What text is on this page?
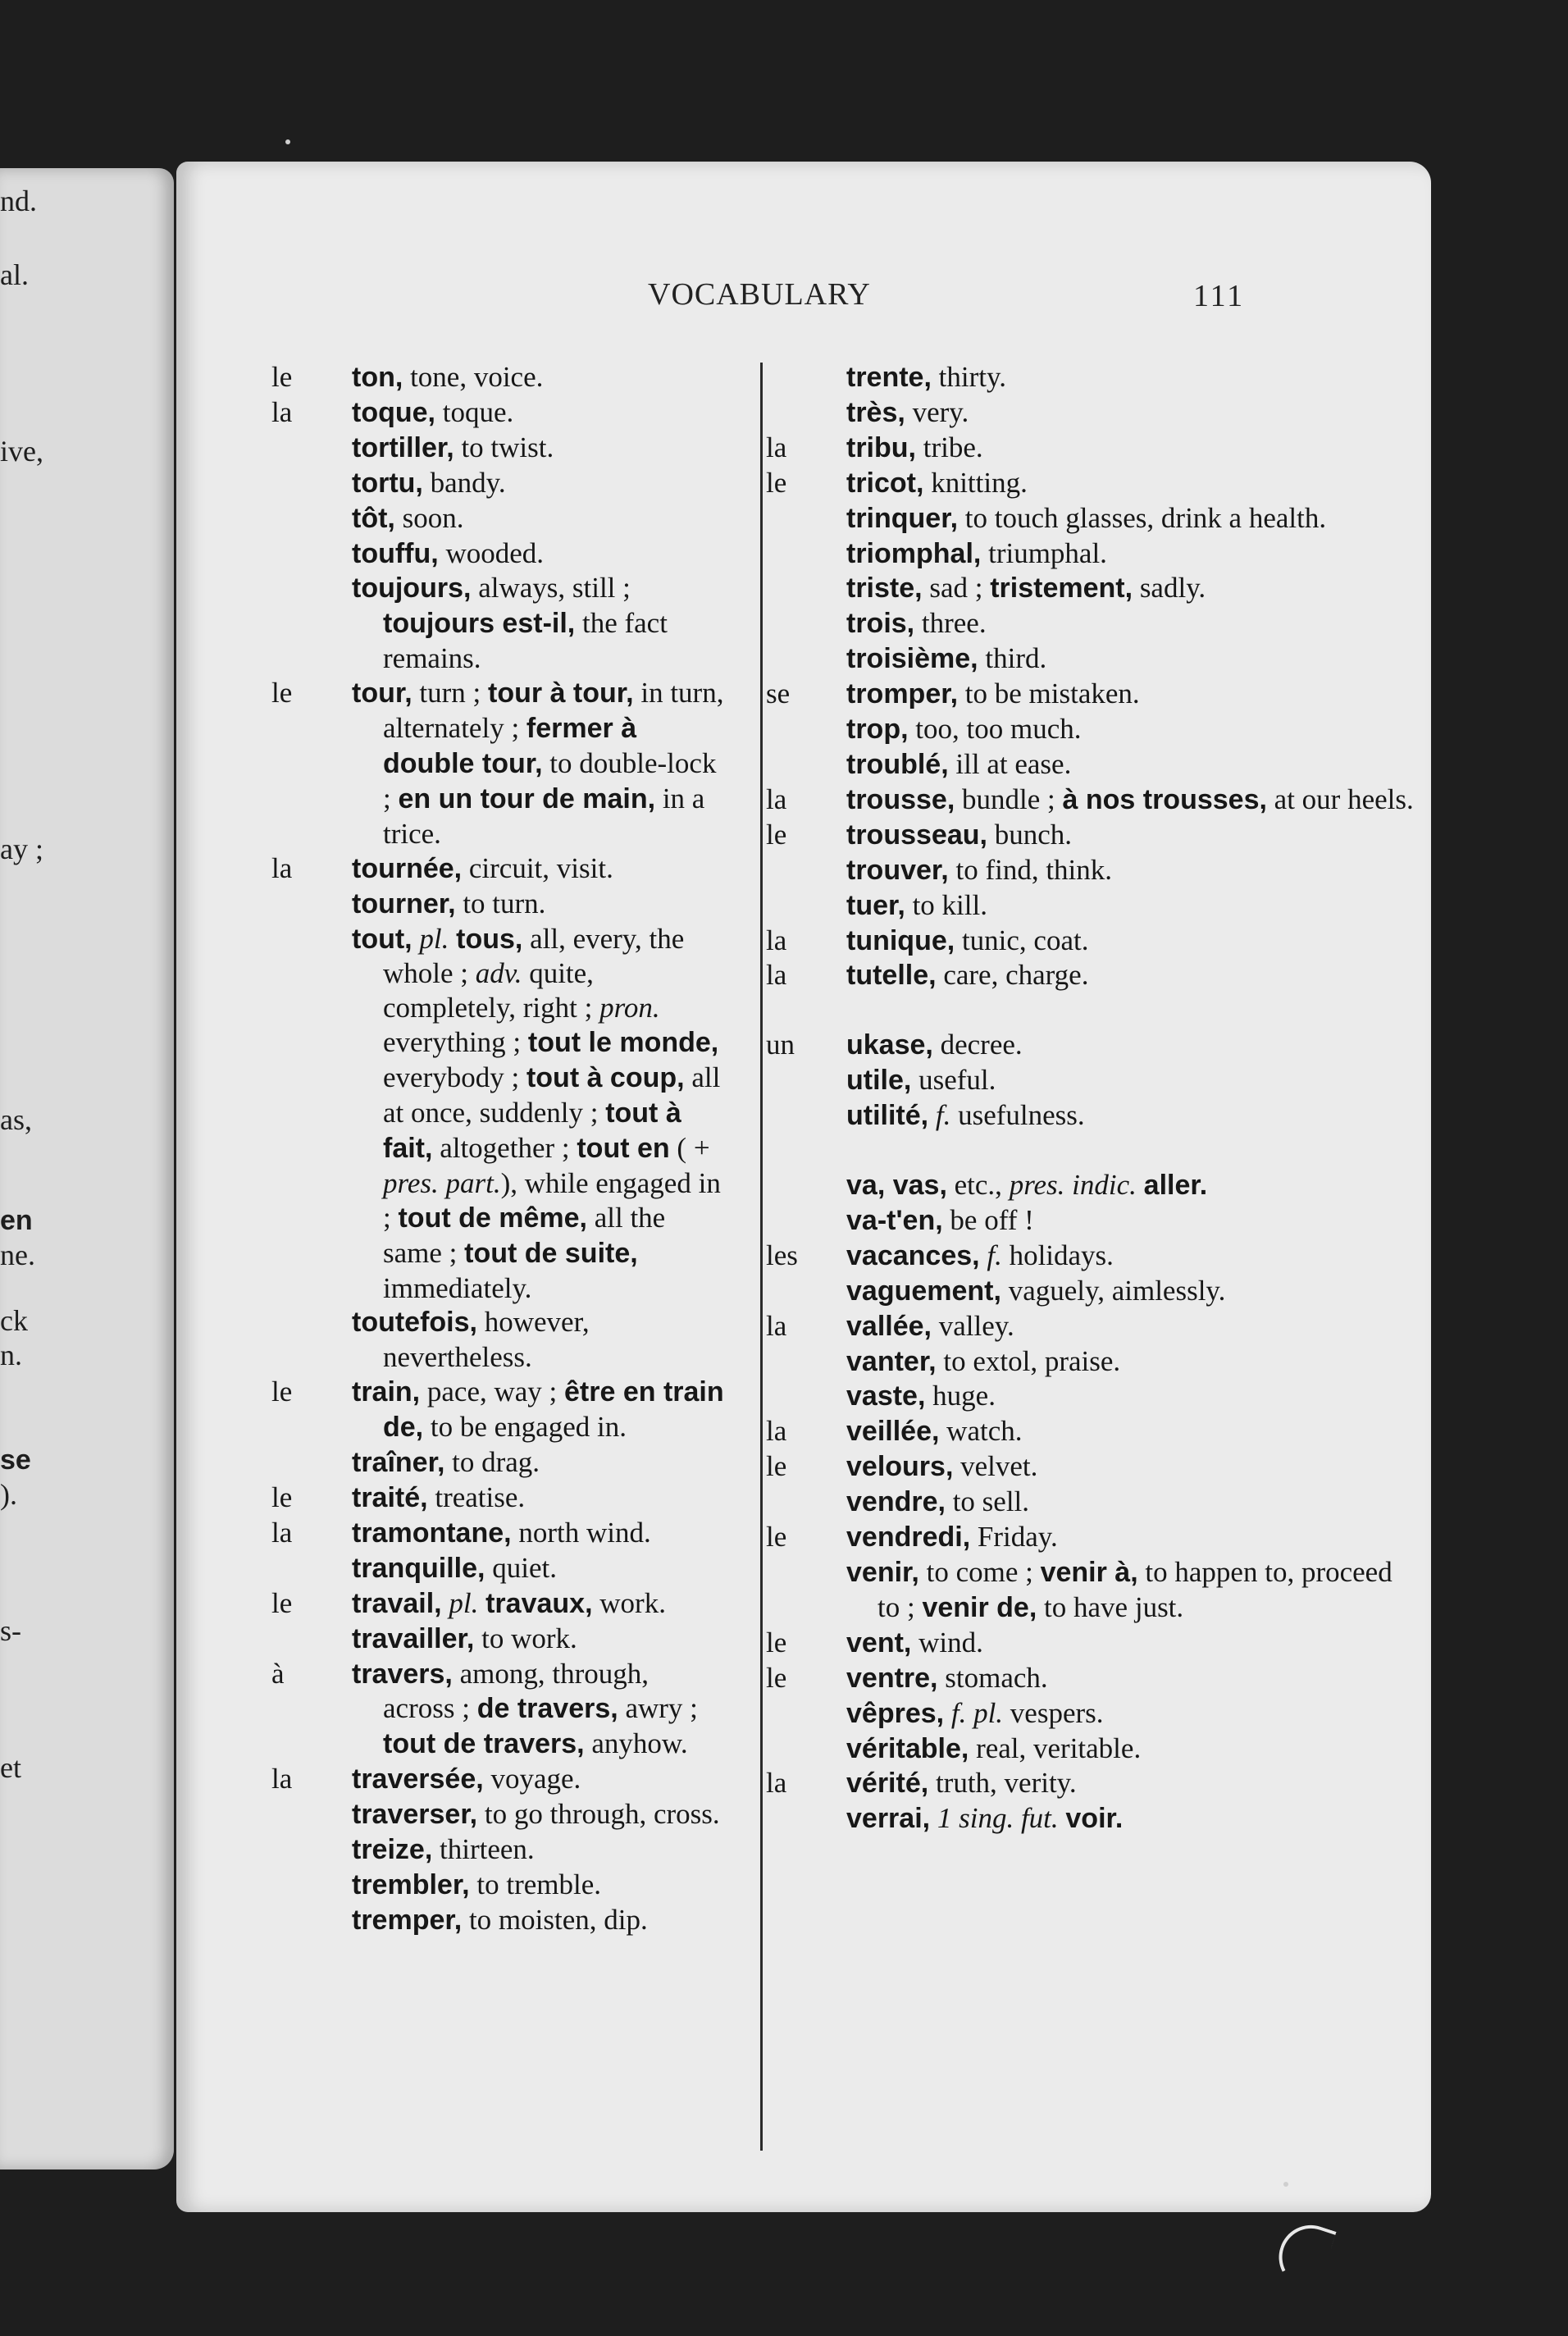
nd.
al.
ive,
ay ;
as,
en
ne.
ck
n.
se
).
s-
et
VOCABULARY	111
le ton, tone, voice.
la toque, toque.
tortiller, to twist.
tortu, bandy.
tôt, soon.
touffu, wooded.
toujours, always, still ; toujours est-il, the fact remains.
le tour, turn ; tour à tour, in turn, alternately ; fermer à double tour, to double-lock ; en un tour de main, in a trice.
la tournée, circuit, visit.
tourner, to turn.
tout, pl. tous, all, every, the whole ; adv. quite, completely, right ; pron. everything ; tout le monde, everybody ; tout à coup, all at once, suddenly ; tout à fait, altogether ; tout en ( + pres. part.), while engaged in ; tout de même, all the same ; tout de suite, immediately.
toutefois, however, nevertheless.
le train, pace, way ; être en train de, to be engaged in.
traîner, to drag.
le traité, treatise.
la tramontane, north wind.
tranquille, quiet.
le travail, pl. travaux, work.
travailler, to work.
à travers, among, through, across ; de travers, awry ; tout de travers, anyhow.
la traversée, voyage.
traverser, to go through, cross.
treize, thirteen.
trembler, to tremble.
tremper, to moisten, dip.
trente, thirty.
très, very.
la tribu, tribe.
le tricot, knitting.
trinquer, to touch glasses, drink a health.
triomphal, triumphal.
triste, sad ; tristement, sadly.
trois, three.
troisième, third.
se tromper, to be mistaken.
trop, too, too much.
troublé, ill at ease.
la trousse, bundle ; à nos trousses, at our heels.
le trousseau, bunch.
trouver, to find, think.
tuer, to kill.
la tunique, tunic, coat.
la tutelle, care, charge.
un ukase, decree.
utile, useful.
utilité, f. usefulness.
va, vas, etc., pres. indic. aller.
va-t'en, be off !
les vacances, f. holidays.
vaguement, vaguely, aimlessly.
la vallée, valley.
vanter, to extol, praise.
vaste, huge.
la veillée, watch.
le velours, velvet.
vendre, to sell.
le vendredi, Friday.
venir, to come ; venir à, to happen to, proceed to ; venir de, to have just.
le vent, wind.
le ventre, stomach.
vêpres, f. pl. vespers.
véritable, real, veritable.
la vérité, truth, verity.
verrai, 1 sing. fut. voir.
